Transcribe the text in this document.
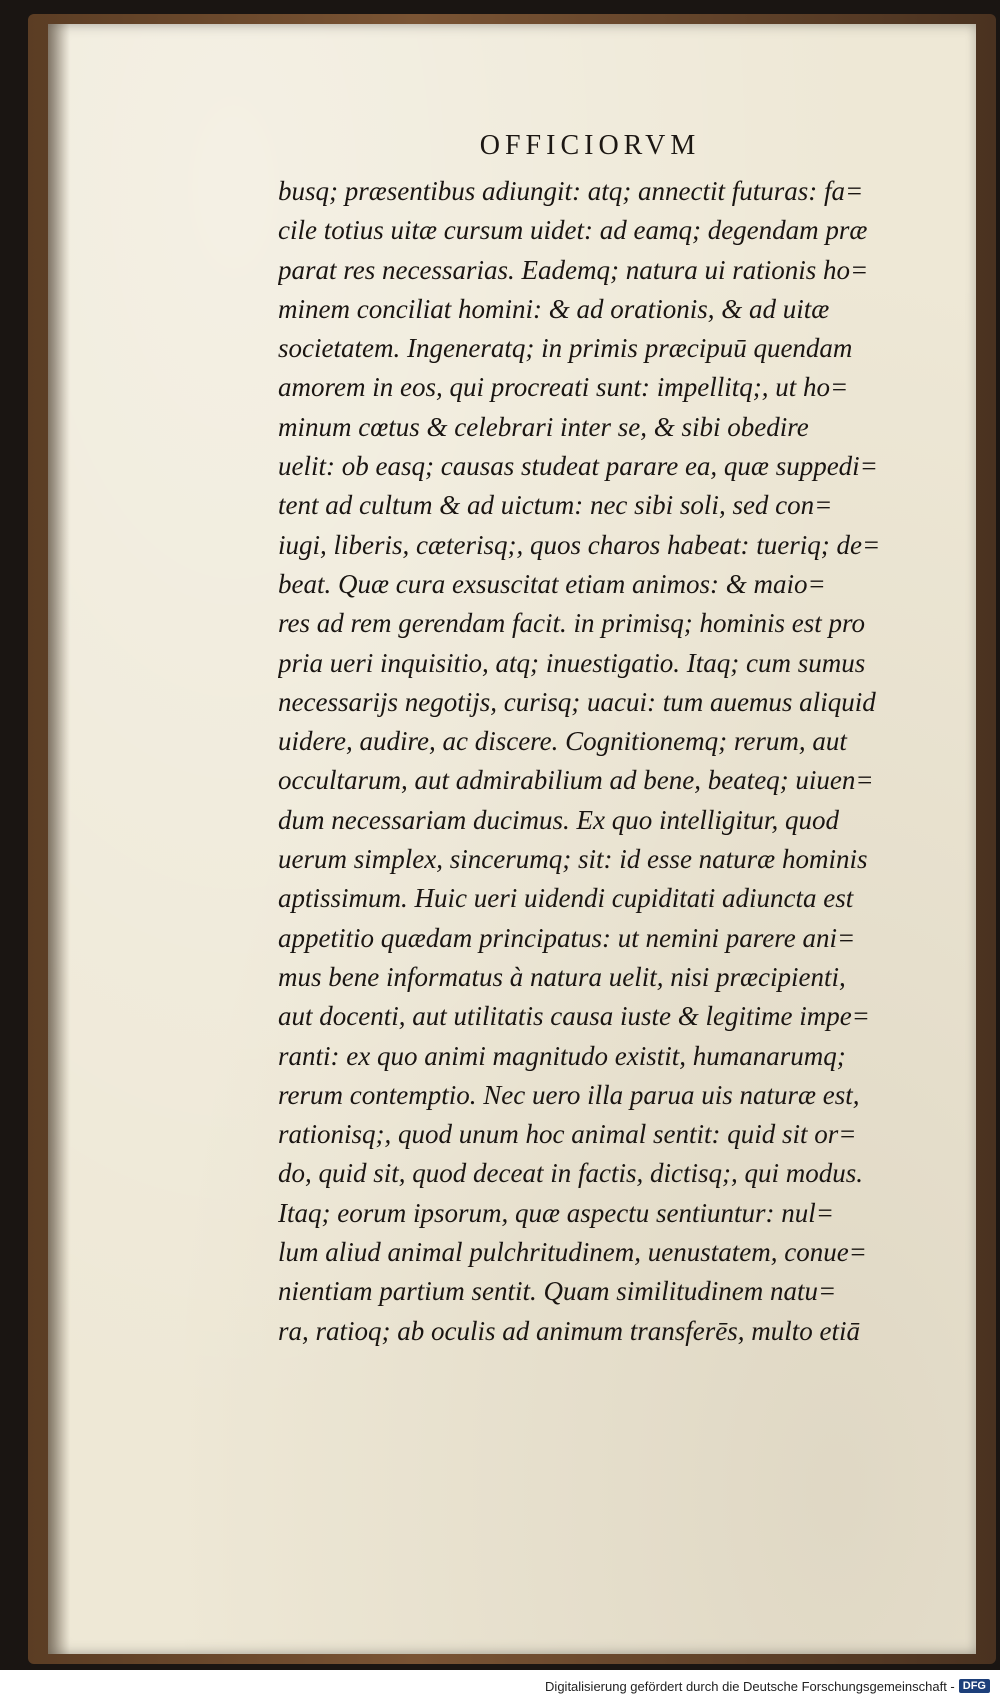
OFFICIORVM
busq; præsentibus adiungit: atq; annectit futuras: fa=
cile totius uitæ cursum uidet: ad eamq; degendam præ
parat res necessarias. Eademq; natura ui rationis ho=
minem conciliat homini: & ad orationis, & ad uitæ
societatem. Ingeneratq; in primis præcipuū quendam
amorem in eos, qui procreati sunt: impellitq;, ut ho=
minum cœtus & celebrari inter se, & sibi obedire
uelit: ob easq; causas studeat parare ea, quæ suppedi=
tent ad cultum & ad uictum: nec sibi soli, sed con=
iugi, liberis, cæterisq;, quos charos habeat: tueriq; de=
beat. Quæ cura exsuscitat etiam animos: & maio=
res ad rem gerendam facit. in primisq; hominis est pro
pria ueri inquisitio, atq; inuestigatio. Itaq; cum sumus
necessarijs negotijs, curisq; uacui: tum auemus aliquid
uidere, audire, ac discere. Cognitionemq; rerum, aut
occultarum, aut admirabilium ad bene, beateq; uiuen=
dum necessariam ducimus. Ex quo intelligitur, quod
uerum simplex, sincerumq; sit: id esse naturæ hominis
aptissimum. Huic ueri uidendi cupiditati adiuncta est
appetitio quædam principatus: ut nemini parere ani=
mus bene informatus à natura uelit, nisi præcipienti,
aut docenti, aut utilitatis causa iuste & legitime impe=
ranti: ex quo animi magnitudo existit, humanarumq;
rerum contemptio. Nec uero illa parua uis naturæ est,
rationisq;, quod unum hoc animal sentit: quid sit or=
do, quid sit, quod deceat in factis, dictisq;, qui modus.
Itaq; eorum ipsorum, quæ aspectu sentiuntur: nul=
lum aliud animal pulchritudinem, uenustatem, conue=
nientiam partium sentit. Quam similitudinem natu=
ra, ratioq; ab oculis ad animum transferēs, multo etiā
Digitalisierung gefördert durch die Deutsche Forschungsgemeinschaft - DFG
